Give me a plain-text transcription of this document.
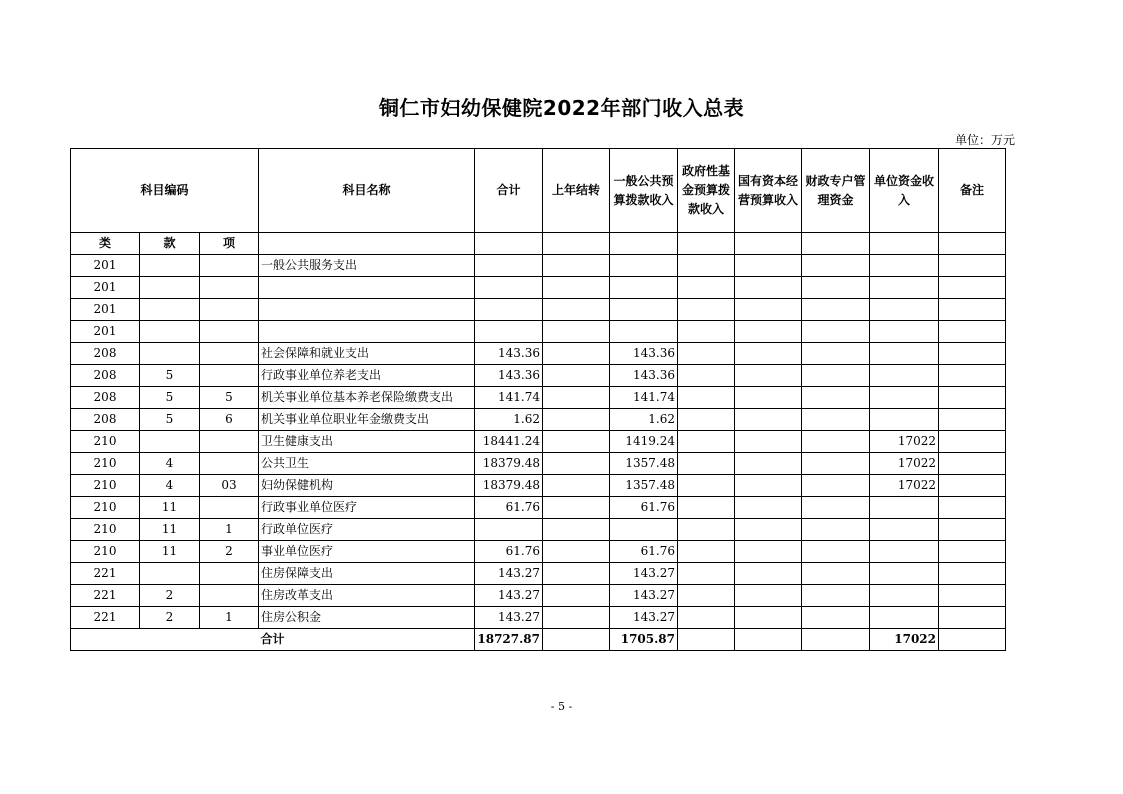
铜仁市妇幼保健院2022年部门收入总表
单位：万元
科目编码			科目名称	合计	上年结转	一般公共预算拨款收入	政府性基金预算拨款收入	国有资本经营预算收入	财政专户管理资金	单位资金收入	备注
类	款	项									
201			一般公共服务支出								
201											
201											
201											
208			社会保障和就业支出	143.36		143.36					
208	5		行政事业单位养老支出	143.36		143.36					
208	5	5	机关事业单位基本养老保险缴费支出	141.74		141.74					
208	5	6	机关事业单位职业年金缴费支出	1.62		1.62					
210			卫生健康支出	18441.24		1419.24				17022	
210	4		公共卫生	18379.48		1357.48				17022	
210	4	03	妇幼保健机构	18379.48		1357.48				17022	
210	11		行政事业单位医疗	61.76		61.76					
210	11	1	行政单位医疗								
210	11	2	事业单位医疗	61.76		61.76					
221			住房保障支出	143.27		143.27					
221	2		住房改革支出	143.27		143.27					
221	2	1	住房公积金	143.27		143.27					
合计				18727.87		1705.87				17022	
- 5 -
